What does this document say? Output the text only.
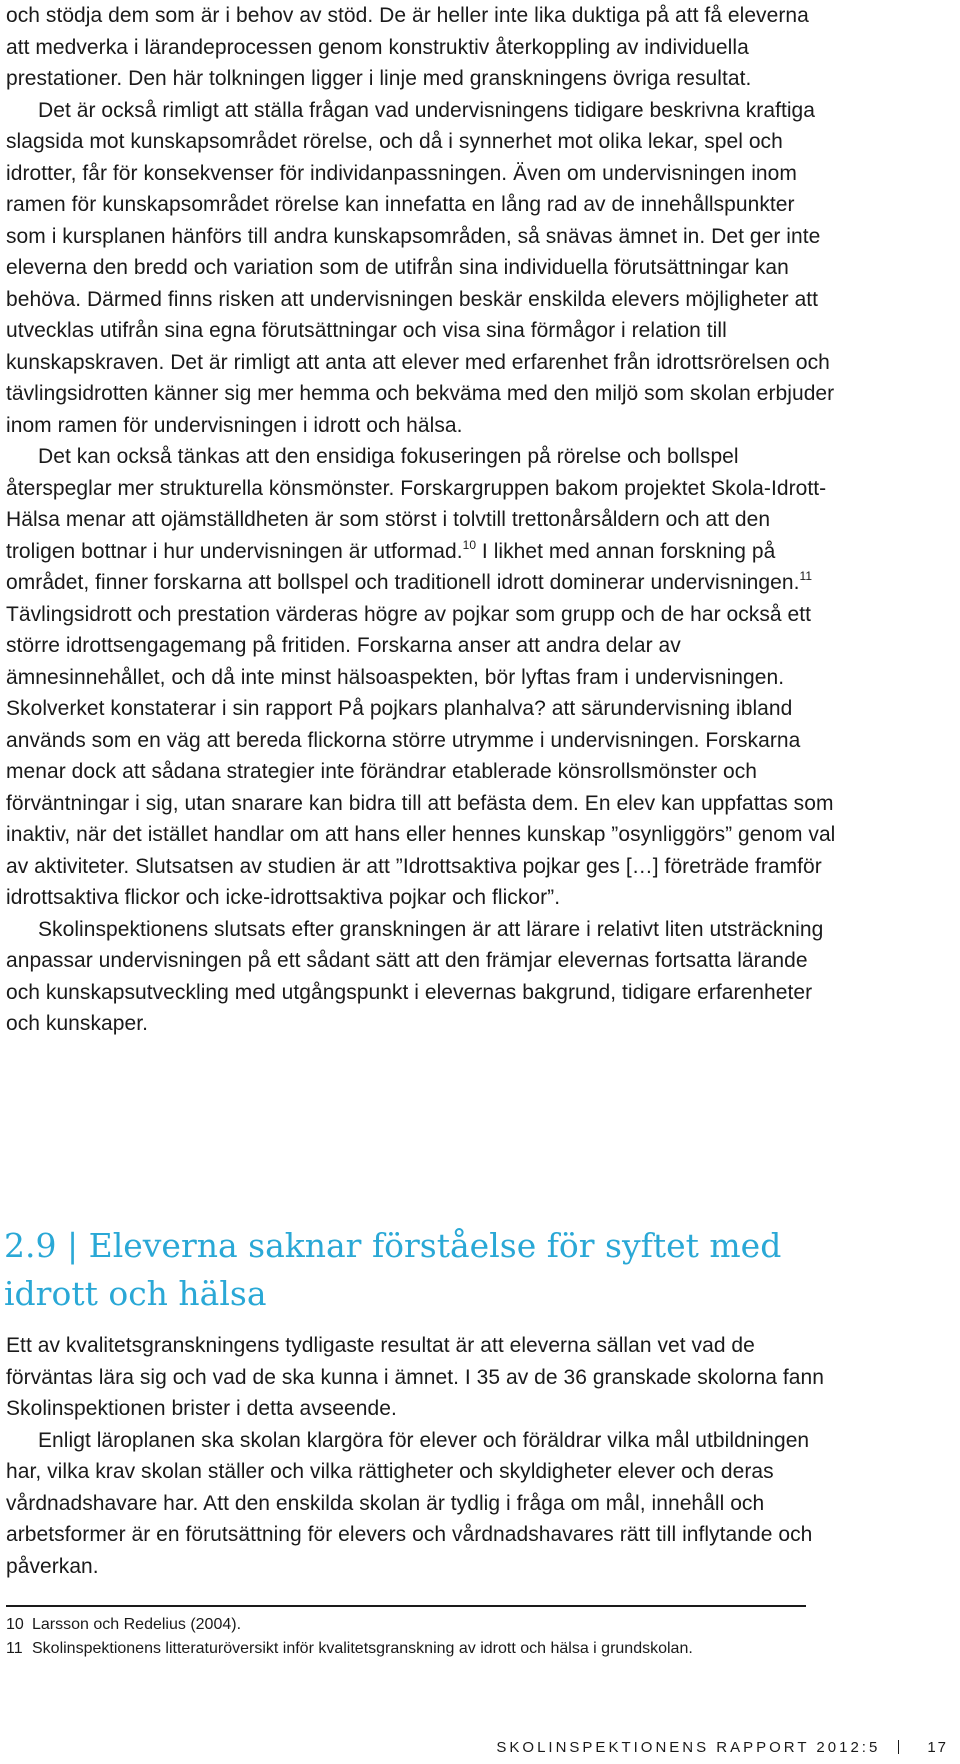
och stödja dem som är i behov av stöd. De är heller inte lika duktiga på att få eleverna att medverka i lärandeprocessen genom konstruktiv återkoppling av individuella prestationer. Den här tolkningen ligger i linje med granskningens övriga resultat.

Det är också rimligt att ställa frågan vad undervisningens tidigare beskrivna kraftiga slagsida mot kunskapsområdet rörelse, och då i synnerhet mot olika lekar, spel och idrotter, får för konsekvenser för individanpassningen. Även om undervisningen inom ramen för kunskapsområdet rörelse kan innefatta en lång rad av de innehållspunkter som i kursplanen hänförs till andra kunskapsområden, så snävas ämnet in. Det ger inte eleverna den bredd och variation som de utifrån sina individuella förutsättningar kan behöva. Därmed finns risken att undervisningen beskär enskilda elevers möjligheter att utvecklas utifrån sina egna förutsättningar och visa sina förmågor i relation till kunskapskraven. Det är rimligt att anta att elever med erfarenhet från idrottsrörelsen och tävlingsidrotten känner sig mer hemma och bekväma med den miljö som skolan erbjuder inom ramen för undervisningen i idrott och hälsa.

Det kan också tänkas att den ensidiga fokuseringen på rörelse och bollspel återspeglar mer strukturella könsmönster. Forskargruppen bakom projektet Skola-Idrott-Hälsa menar att ojämställdheten är som störst i tolvtill trettonårsåldern och att den troligen bottnar i hur undervisningen är utformad.$^{10}$ I likhet med annan forskning på området, finner forskarna att bollspel och traditionell idrott dominerar undervisningen.$^{11}$ Tävlingsidrott och prestation värderas högre av pojkar som grupp och de har också ett större idrottsengagemang på fritiden. Forskarna anser att andra delar av ämnesinnehållet, och då inte minst hälsoaspekten, bör lyftas fram i undervisningen. Skolverket konstaterar i sin rapport På pojkars planhalva? att särundervisning ibland används som en väg att bereda flickorna större utrymme i undervisningen. Forskarna menar dock att sådana strategier inte förändrar etablerade könsrollsmönster och förväntningar i sig, utan snarare kan bidra till att befästa dem. En elev kan uppfattas som inaktiv, när det istället handlar om att hans eller hennes kunskap ”osynliggörs” genom val av aktiviteter. Slutsatsen av studien är att ”Idrottsaktiva pojkar ges […] företräde framför idrottsaktiva flickor och icke-idrottsaktiva pojkar och flickor”.

Skolinspektionens slutsats efter granskningen är att lärare i relativt liten utsträckning anpassar undervisningen på ett sådant sätt att den främjar elevernas fortsatta lärande och kunskapsutveckling med utgångspunkt i elevernas bakgrund, tidigare erfarenheter och kunskaper.

2.9 | Eleverna saknar förståelse för syftet med idrott och hälsa

Ett av kvalitetsgranskningens tydligaste resultat är att eleverna sällan vet vad de förväntas lära sig och vad de ska kunna i ämnet. I 35 av de 36 granskade skolorna fann Skolinspektionen brister i detta avseende.

Enligt läroplanen ska skolan klargöra för elever och föräldrar vilka mål utbildningen har, vilka krav skolan ställer och vilka rättigheter och skyldigheter elever och deras vårdnadshavare har. Att den enskilda skolan är tydlig i fråga om mål, innehåll och arbetsformer är en förutsättning för elevers och vårdnadshavares rätt till inflytande och påverkan.

10 Larsson och Redelius (2004).
11 Skolinspektionens litteraturöversikt inför kvalitetsgranskning av idrott och hälsa i grundskolan.
SKOLINSPEKTIONENS RAPPORT 2012:5	17
